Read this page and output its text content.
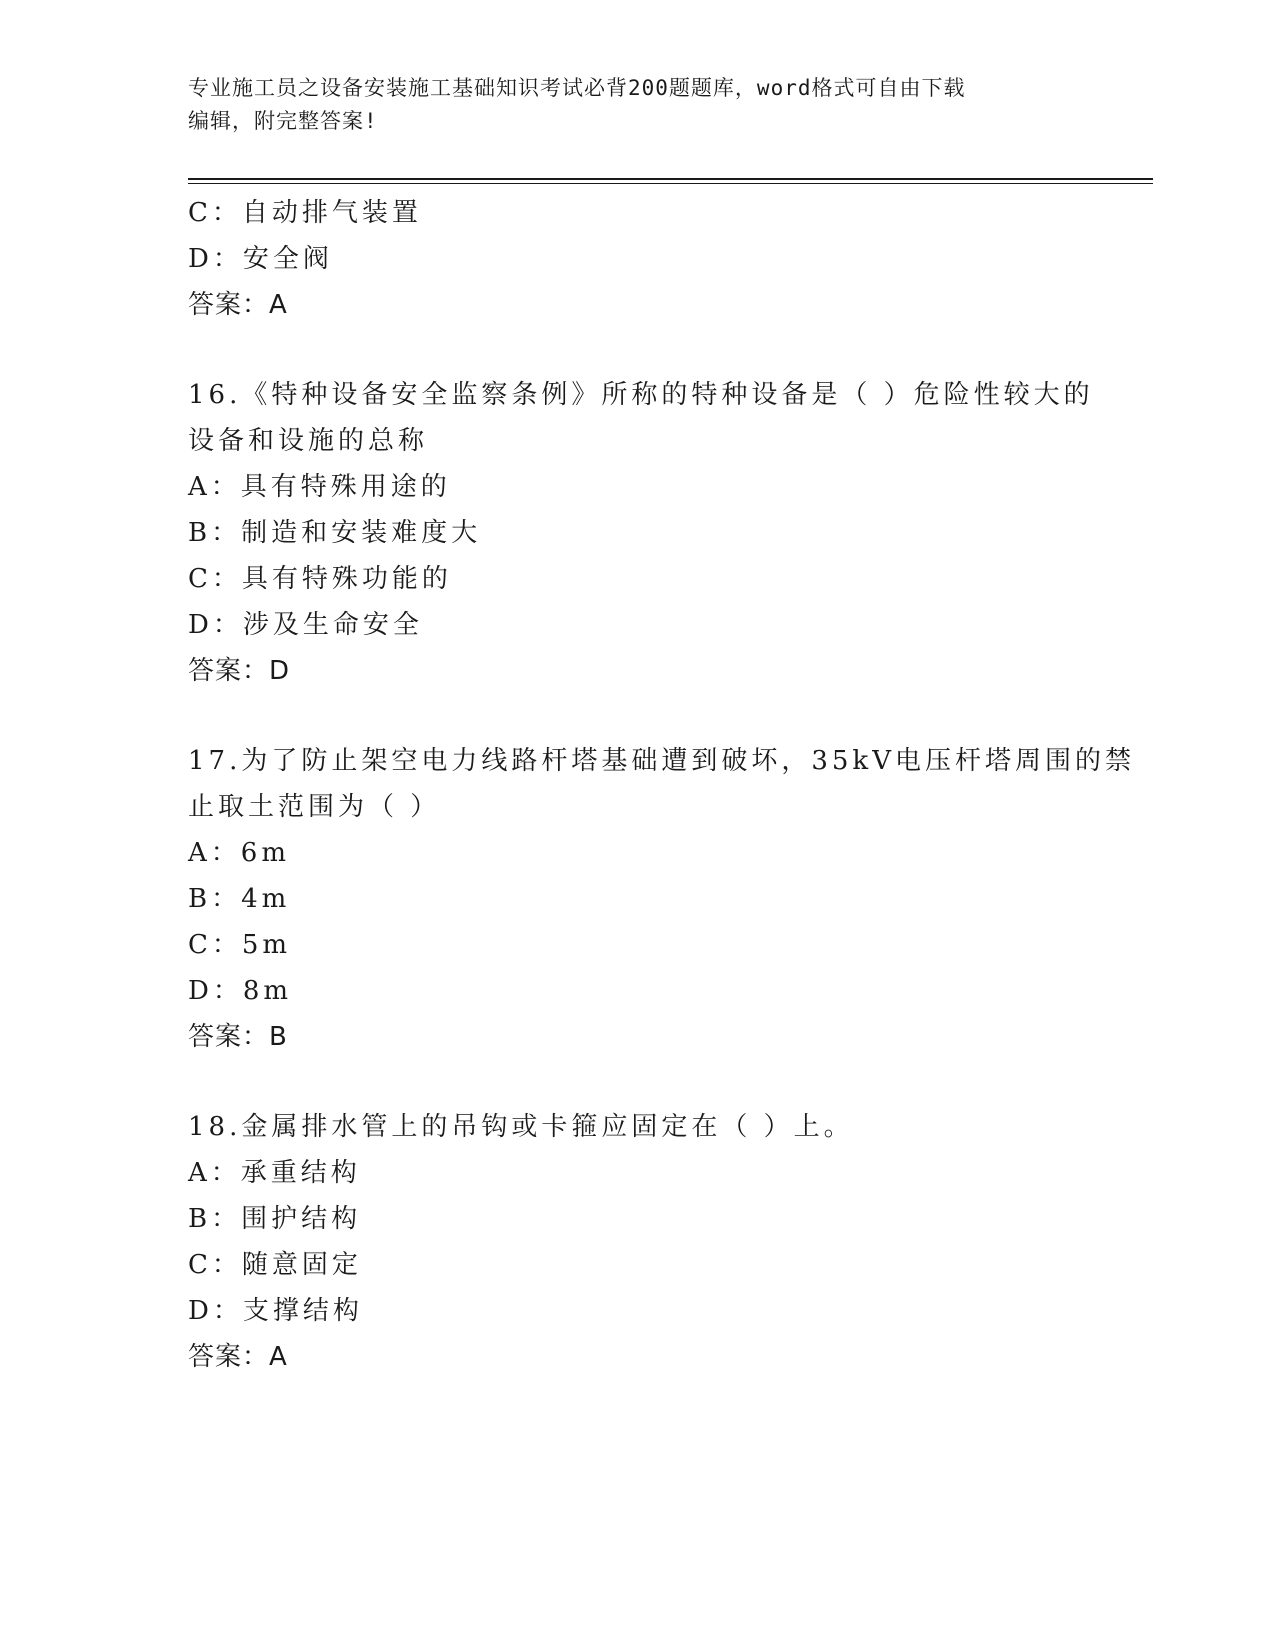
专业施工员之设备安装施工基础知识考试必背200题题库，word格式可自由下载
编辑，附完整答案!
C：自动排气装置
D：安全阀
答案：A
16.《特种设备安全监察条例》所称的特种设备是（ ）危险性较大的
设备和设施的总称
A：具有特殊用途的
B：制造和安装难度大
C：具有特殊功能的
D：涉及生命安全
答案：D
17.为了防止架空电力线路杆塔基础遭到破坏，35kV电压杆塔周围的禁
止取土范围为（ ）
A：6m
B：4m
C：5m
D：8m
答案：B
18.金属排水管上的吊钩或卡箍应固定在（ ）上。
A：承重结构
B：围护结构
C：随意固定
D：支撑结构
答案：A
